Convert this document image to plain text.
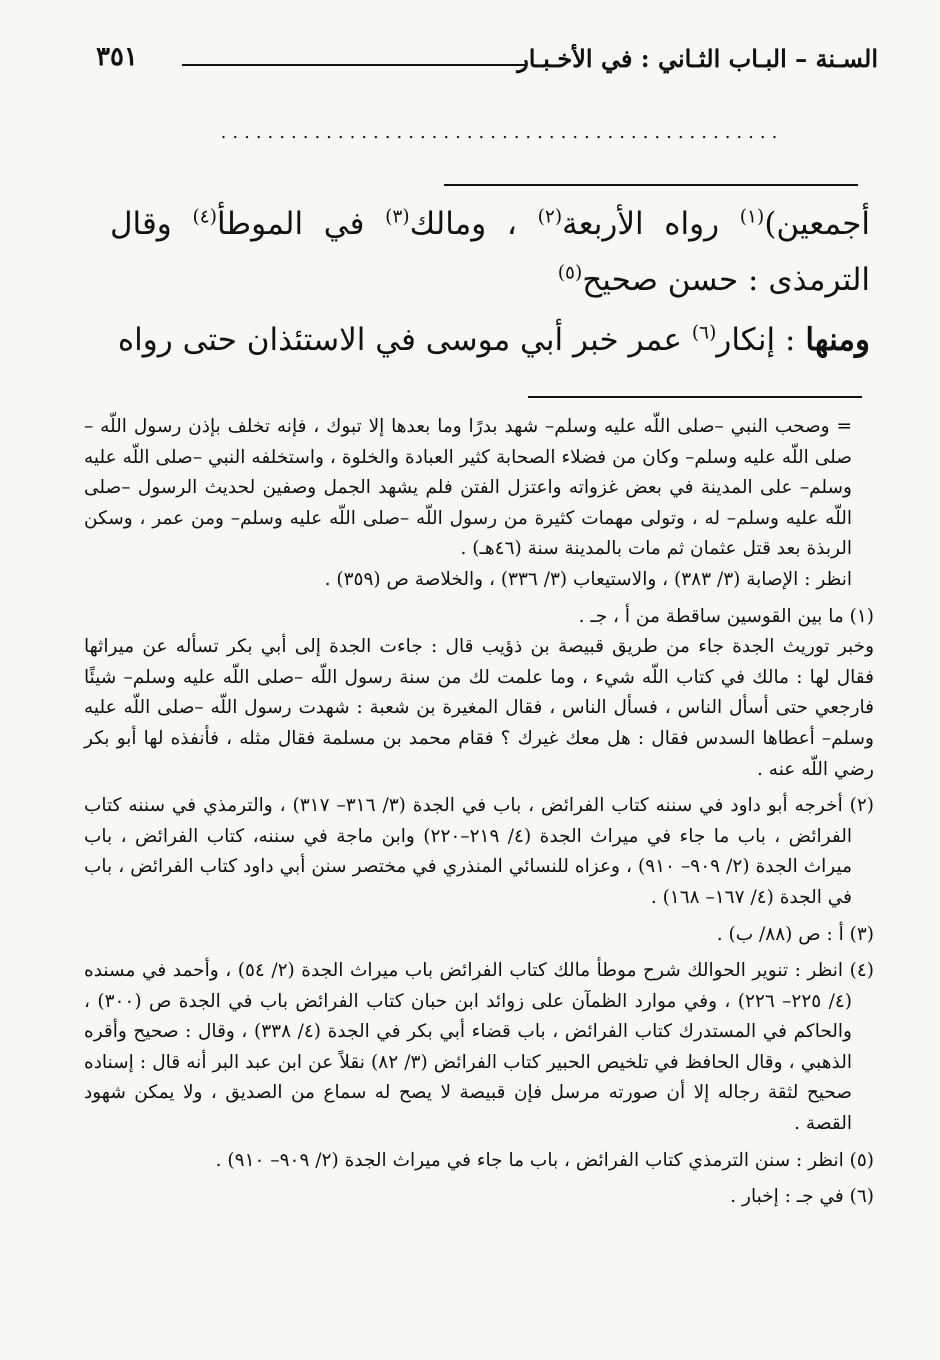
السـنة – البـاب الثـاني : في الأخـبـار
٣٥١
................................................

أجمعين)$^{(١)}$ رواه الأربعة$^{(٢)}$ ، ومالك$^{(٣)}$ في الموطأ$^{(٤)}$ وقال الترمذى : حسن صحيح$^{(٥)}$

ومنها : إنكار$^{(٦)}$ عمر خبر أبي موسى في الاستئذان حتى رواه

= وصحب النبي –صلى اللّه عليه وسلم– شهد بدرًا وما بعدها إلا تبوك ، فإنه تخلف بإذن رسول اللّه –صلى اللّه عليه وسلم– وكان من فضلاء الصحابة كثير العبادة والخلوة ، واستخلفه النبي –صلى اللّه عليه وسلم– على المدينة في بعض غزواته واعتزل الفتن فلم يشهد الجمل وصفين لحديث الرسول –صلى اللّه عليه وسلم– له ، وتولى مهمات كثيرة من رسول اللّه –صلى اللّه عليه وسلم– ومن عمر ، وسكن الربذة بعد قتل عثمان ثم مات بالمدينة سنة (٤٦هـ) .

انظر : الإصابة (٣/ ٣٨٣) ، والاستيعاب (٣/ ٣٣٦) ، والخلاصة ص (٣٥٩) .

(١) ما بين القوسين ساقطة من أ ، جـ .

وخبر توريث الجدة جاء من طريق قبيصة بن ذؤيب قال : جاءت الجدة إلى أبي بكر تسأله عن ميراثها فقال لها : مالك في كتاب اللّه شيء ، وما علمت لك من سنة رسول اللّه –صلى اللّه عليه وسلم– شيئًا فارجعي حتى أسأل الناس ، فسأل الناس ، فقال المغيرة بن شعبة : شهدت رسول اللّه –صلى اللّه عليه وسلم– أعطاها السدس فقال : هل معك غيرك ؟ فقام محمد بن مسلمة فقال مثله ، فأنفذه لها أبو بكر رضي اللّه عنه .

(٢) أخرجه أبو داود في سننه كتاب الفرائض ، باب في الجدة (٣/ ٣١٦– ٣١٧) ، والترمذي في سننه كتاب الفرائض ، باب ما جاء في ميراث الجدة (٤/ ٢١٩–٢٢٠) وابن ماجة في سننه، كتاب الفرائض ، باب ميراث الجدة (٢/ ٩٠٩– ٩١٠) ، وعزاه للنسائي المنذري في مختصر سنن أبي داود كتاب الفرائض ، باب في الجدة (٤/ ١٦٧– ١٦٨) .

(٣) أ : ص (٨٨/ ب) .

(٤) انظر : تنوير الحوالك شرح موطأ مالك كتاب الفرائض باب ميراث الجدة (٢/ ٥٤) ، وأحمد في مسنده (٤/ ٢٢٥– ٢٢٦) ، وفي موارد الظمآن على زوائد ابن حبان كتاب الفرائض باب في الجدة ص (٣٠٠) ، والحاكم في المستدرك كتاب الفرائض ، باب قضاء أبي بكر في الجدة (٤/ ٣٣٨) ، وقال : صحيح وأقره الذهبي ، وقال الحافظ في تلخيص الحبير كتاب الفرائض (٣/ ٨٢) نقلاً عن ابن عبد البر أنه قال : إسناده صحيح لثقة رجاله إلا أن صورته مرسل فإن قبيصة لا يصح له سماع من الصديق ، ولا يمكن شهود القصة .

(٥) انظر : سنن الترمذي كتاب الفرائض ، باب ما جاء في ميراث الجدة (٢/ ٩٠٩– ٩١٠) .

(٦) في جـ : إخبار .
